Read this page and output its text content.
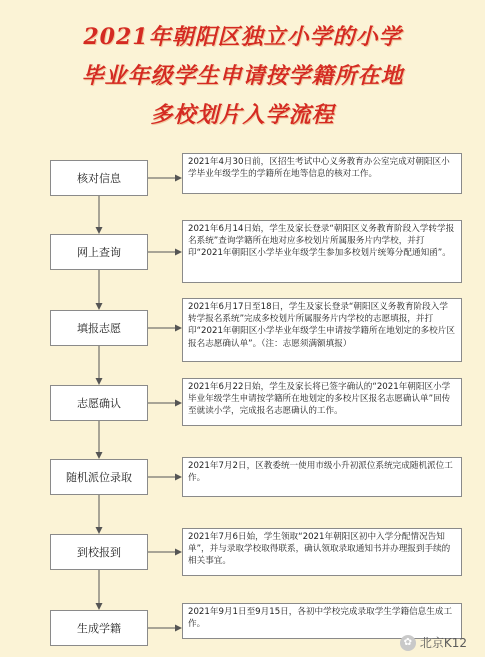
2021年朝阳区独立小学的小学
毕业年级学生申请按学籍所在地
多校划片入学流程
核对信息
2021年4月30日前，区招生考试中心义务教育办公室完成对朝阳区小学毕业年级学生的学籍所在地等信息的核对工作。
网上查询
2021年6月14日始，学生及家长登录“朝阳区义务教育阶段入学转学报名系统”查询学籍所在地对应多校划片所属服务片内学校，并打印“2021年朝阳区小学毕业年级学生参加多校划片统筹分配通知函”。
填报志愿
2021年6月17日至18日，学生及家长登录“朝阳区义务教育阶段入学转学报名系统”完成多校划片所属服务片内学校的志愿填报，并打印“2021年朝阳区小学毕业年级学生申请按学籍所在地划定的多校片区报名志愿确认单”。（注：志愿须满额填报）
志愿确认
2021年6月22日始，学生及家长将已签字确认的“2021年朝阳区小学毕业年级学生申请按学籍所在地划定的多校片区报名志愿确认单”回传至就读小学，完成报名志愿确认的工作。
随机派位录取
2021年7月2日，区教委统一使用市级小升初派位系统完成随机派位工作。
到校报到
2021年7月6日始，学生领取“2021年朝阳区初中入学分配情况告知单”，并与录取学校取得联系，确认领取录取通知书并办理报到手续的相关事宜。
生成学籍
2021年9月1日至9月15日，各初中学校完成录取学生学籍信息生成工作。
✿ 北京K12
